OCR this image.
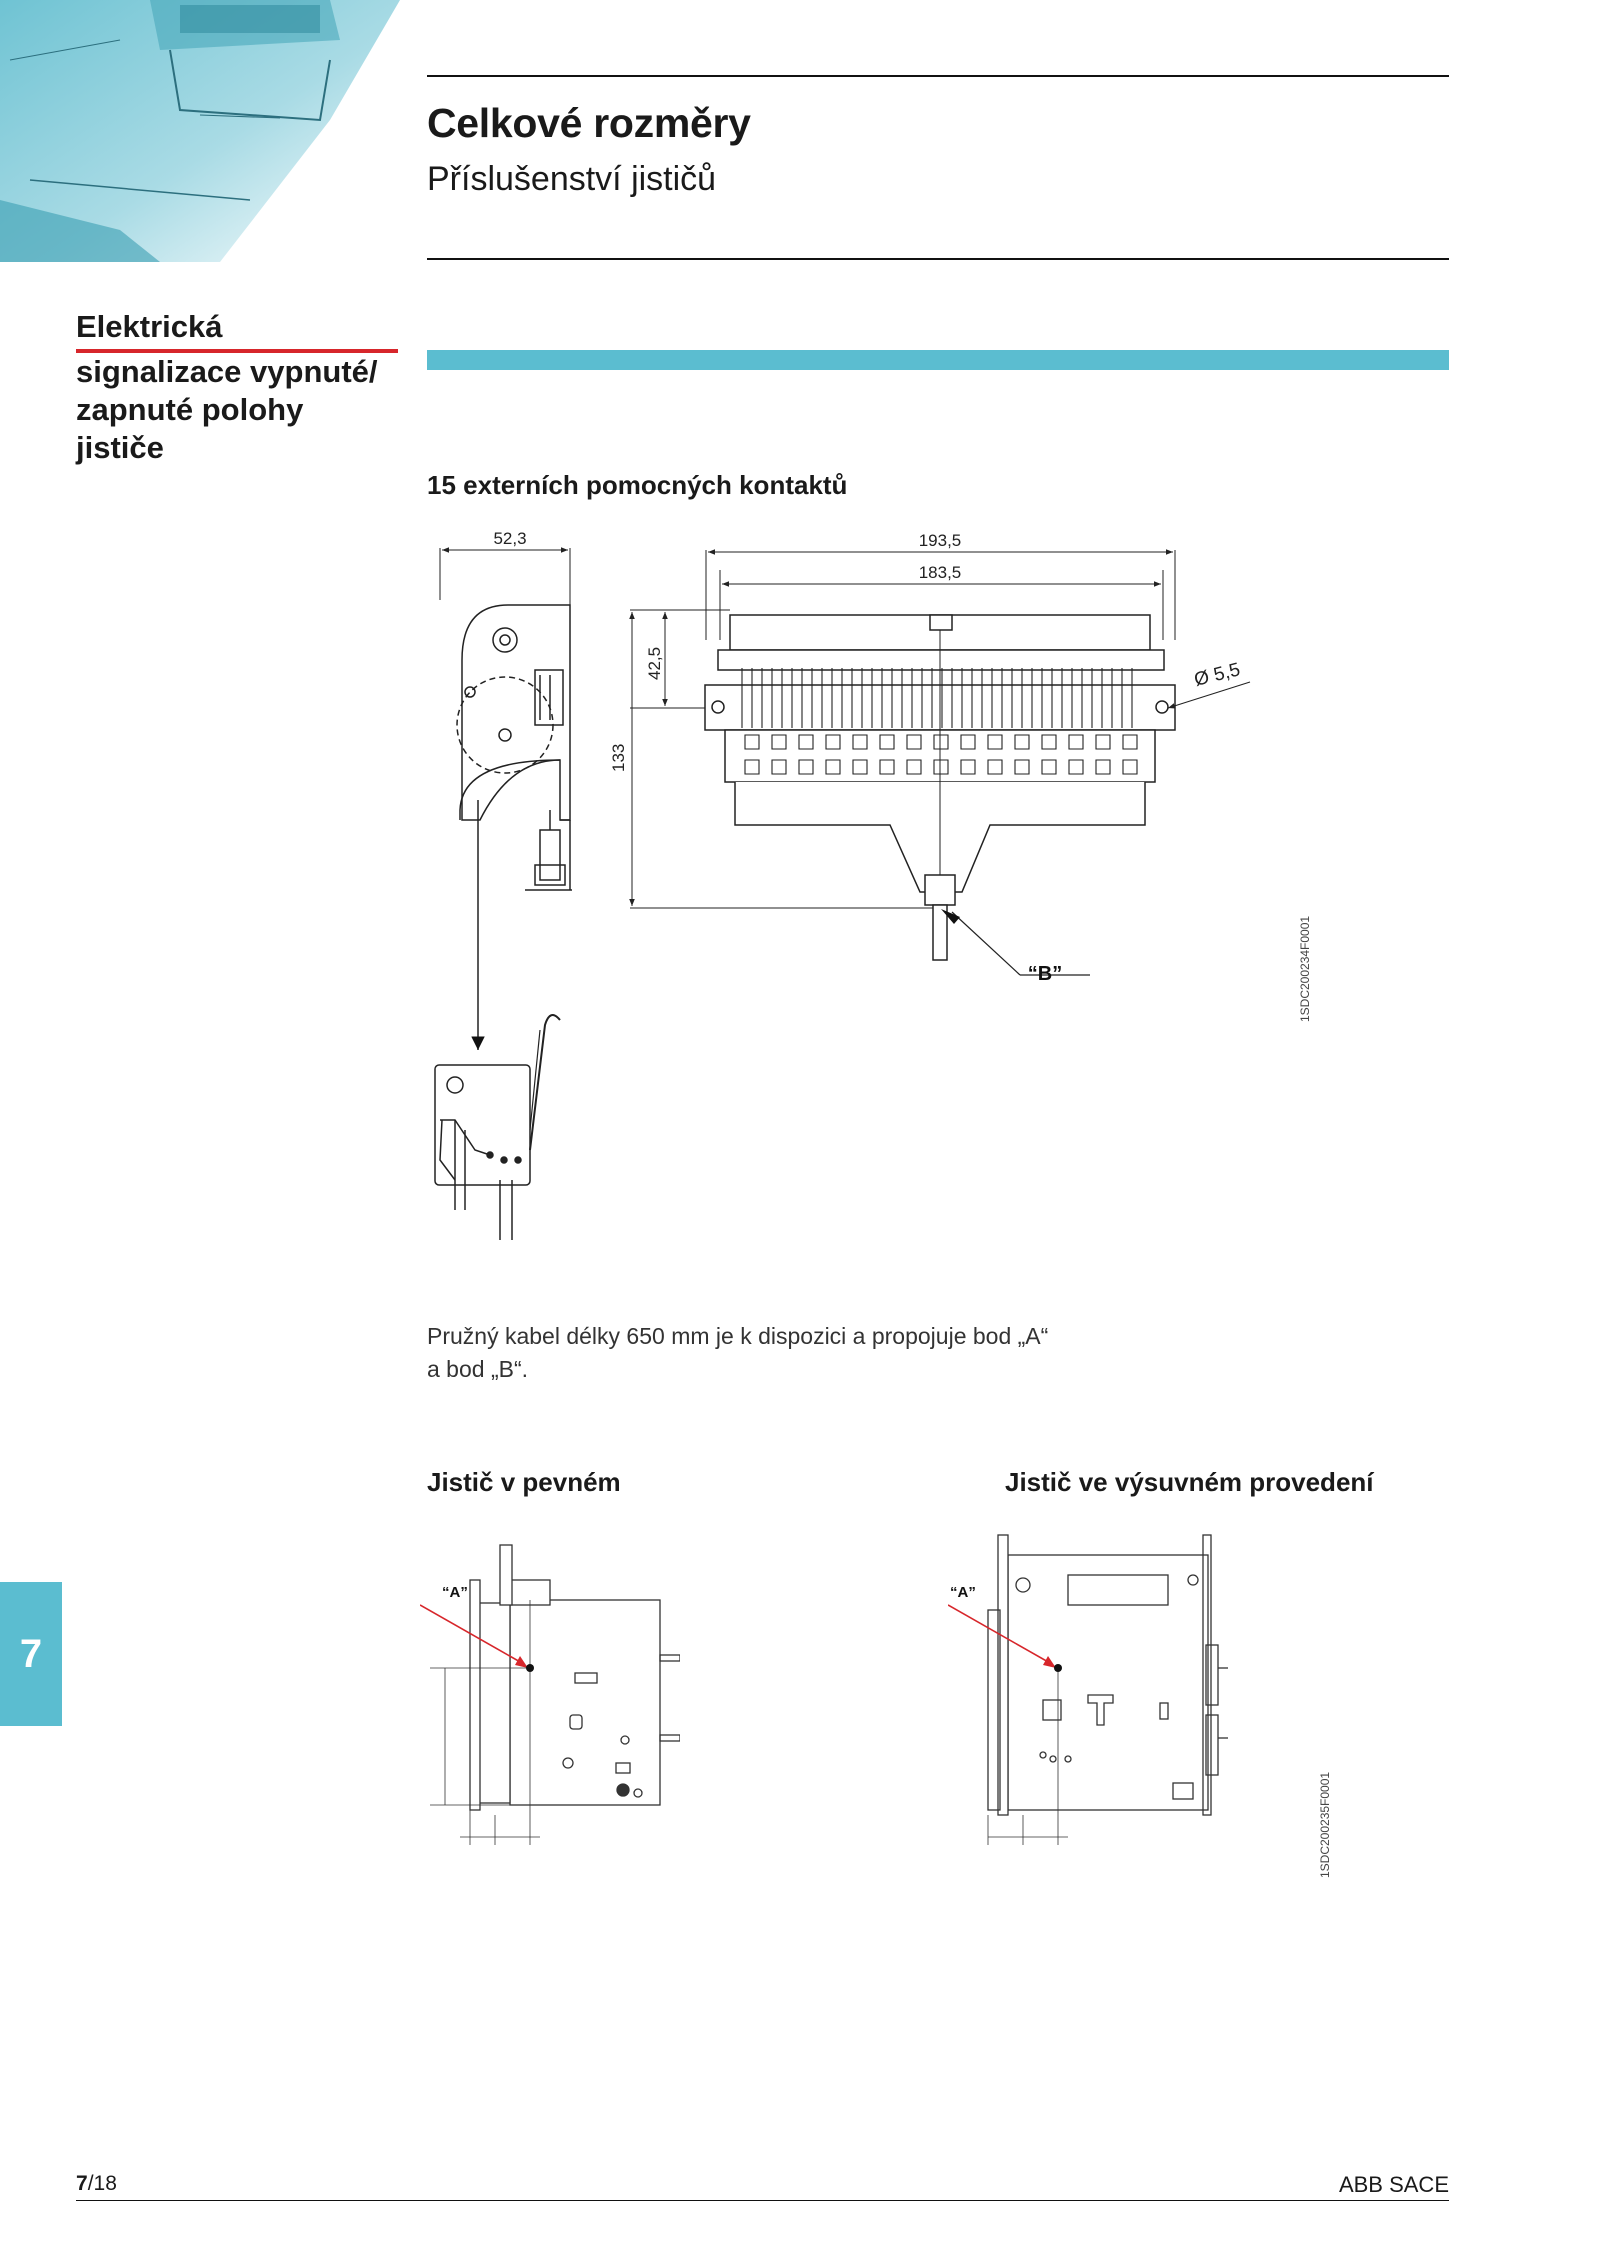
Celkové rozměry
Příslušenství jističů
Elektrická
signalizace vypnuté/
zapnuté polohy
jističe
15 externích pomocných kontaktů
52,3	193,5
183,5
42,5
133
Ø 5,5
“B”	1SDC200234F0001
Pružný kabel délky 650 mm je k dispozici a propojuje bod „A“
a bod „B“.
Jistič v pevném	Jistič ve výsuvném provedení
“A”	“A”
1SDC200235F0001
7
7/18	ABB SACE
